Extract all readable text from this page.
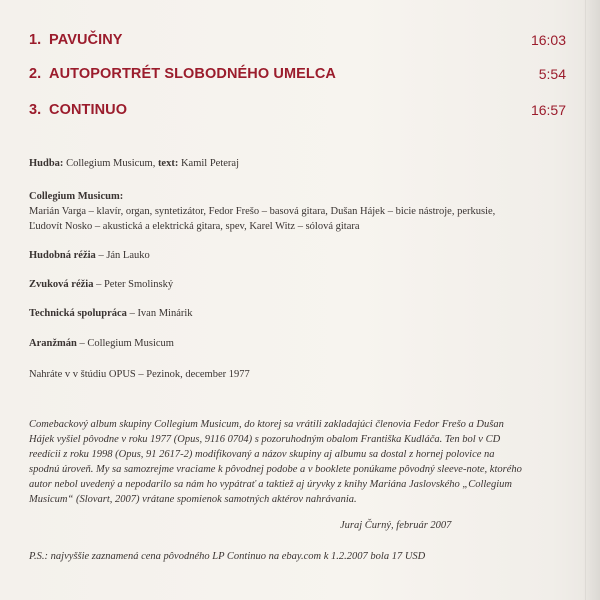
1. PAVUČINY	16:03
2. AUTOPORTRÉT SLOBODNÉHO UMELCA	5:54
3. CONTINUO	16:57
Hudba: Collegium Musicum, text: Kamil Peteraj
Collegium Musicum:
Marián Varga – klavír, organ, syntetizátor, Fedor Frešo – basová gitara, Dušan Hájek – bicie nástroje, perkusie,
Ľudovít Nosko – akustická a elektrická gitara, spev, Karel Witz – sólová gitara
Hudobná réžia – Ján Lauko
Zvuková réžia – Peter Smolinský
Technická spolupráca – Ivan Minárik
Aranžmán – Collegium Musicum
Nahráte v v štúdiu OPUS – Pezinok, december 1977
Comebackový album skupiny Collegium Musicum, do ktorej sa vrátili zakladajúci členovia Fedor Frešo a Dušan
Hájek vyšiel pôvodne v roku 1977 (Opus, 9116 0704) s pozoruhodným obalom Františka Kudláča. Ten bol v CD
reedícii z roku 1998 (Opus, 91 2617-2) modifikovaný a názov skupiny aj albumu sa dostal z hornej polovice na
spodnú úroveň. My sa samozrejme vraciame k pôvodnej podobe a v booklete ponúkame pôvodný sleeve-note, ktorého
autor nebol uvedený a nepodarilo sa nám ho vypátrať a taktiež aj úryvky z knihy Mariána Jaslovského „Collegium
Musicum“ (Slovart, 2007) vrátane spomienok samotných aktérov nahrávania.
Juraj Čurný, február 2007
P.S.: najvyššie zaznamená cena pôvodného LP Continuo na ebay.com k 1.2.2007 bola 17 USD
